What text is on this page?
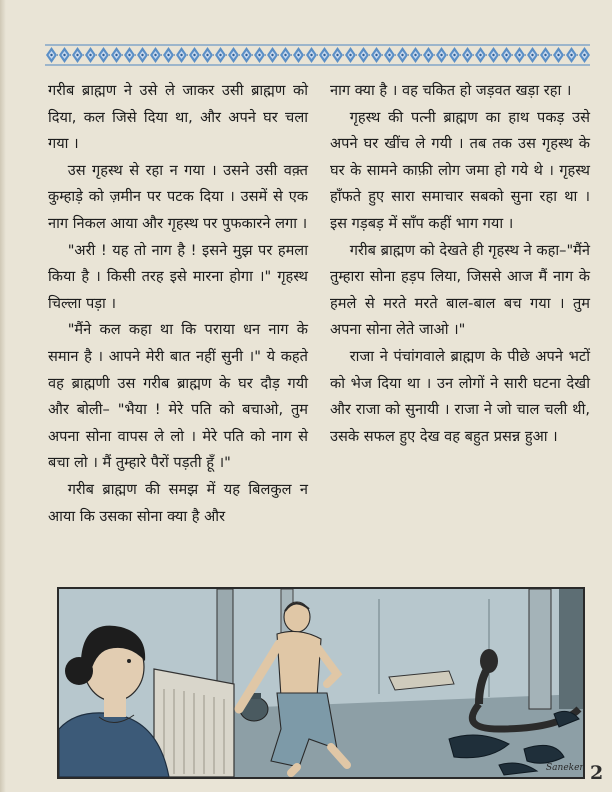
गरीब ब्राह्मण ने उसे ले जाकर उसी ब्राह्मण को दिया, कल जिसे दिया था, और अपने घर चला गया ।

उस गृहस्थ से रहा न गया । उसने उसी वक़्त कुम्हाड़े को ज़मीन पर पटक दिया । उसमें से एक नाग निकल आया और गृहस्थ पर पुफकारने लगा ।

"अरी ! यह तो नाग है ! इसने मुझ पर हमला किया है । किसी तरह इसे मारना होगा ।" गृहस्थ चिल्ला पड़ा ।

"मैंने कल कहा था कि पराया धन नाग के समान है । आपने मेरी बात नहीं सुनी ।" ये कहते वह ब्राह्मणी उस गरीब ब्राह्मण के घर दौड़ गयी और बोली– "भैया ! मेरे पति को बचाओ, तुम अपना सोना वापस ले लो । मेरे पति को नाग से बचा लो । मैं तुम्हारे पैरों पड़ती हूँ ।"

गरीब ब्राह्मण की समझ में यह बिलकुल न आया कि उसका सोना क्या है और

नाग क्या है । वह चकित हो जड़वत खड़ा रहा ।

गृहस्थ की पत्नी ब्राह्मण का हाथ पकड़ उसे अपने घर खींच ले गयी । तब तक उस गृहस्थ के घर के सामने काफ़ी लोग जमा हो गये थे । गृहस्थ हाँफते हुए सारा समाचार सबको सुना रहा था । इस गड़बड़ में साँप कहीं भाग गया ।

गरीब ब्राह्मण को देखते ही गृहस्थ ने कहा–"मैंने तुम्हारा सोना हड़प लिया, जिससे आज मैं नाग के हमले से मरते मरते बाल-बाल बच गया । तुम अपना सोना लेते जाओ ।"

राजा ने पंचांगवाले ब्राह्मण के पीछे अपने भटों को भेज दिया था । उन लोगों ने सारी घटना देखी और राजा को सुनायी । राजा ने जो चाल चली थी, उसके सफल हुए देख वह बहुत प्रसन्न हुआ ।

Saneker 2
